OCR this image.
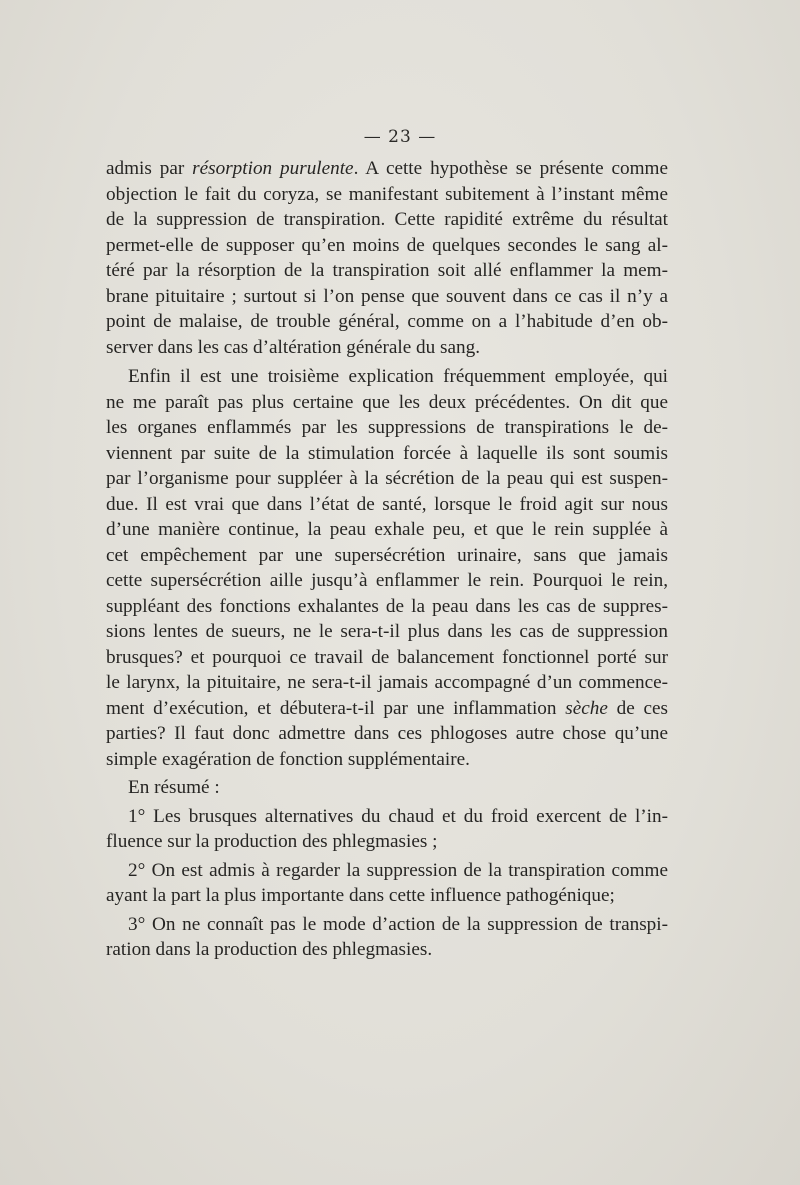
— 23 —
admis par résorption purulente. A cette hypothèse se présente comme
objection le fait du coryza, se manifestant subitement à l’instant même
de la suppression de transpiration. Cette rapidité extrême du résultat
permet-elle de supposer qu’en moins de quelques secondes le sang al-
téré par la résorption de la transpiration soit allé enflammer la mem-
brane pituitaire ; surtout si l’on pense que souvent dans ce cas il n’y a
point de malaise, de trouble général, comme on a l’habitude d’en ob-
server dans les cas d’altération générale du sang.
Enfin il est une troisième explication fréquemment employée, qui
ne me paraît pas plus certaine que les deux précédentes. On dit que
les organes enflammés par les suppressions de transpirations le de-
viennent par suite de la stimulation forcée à laquelle ils sont soumis
par l’organisme pour suppléer à la sécrétion de la peau qui est suspen-
due. Il est vrai que dans l’état de santé, lorsque le froid agit sur nous
d’une manière continue, la peau exhale peu, et que le rein supplée à
cet empêchement par une supersécrétion urinaire, sans que jamais
cette supersécrétion aille jusqu’à enflammer le rein. Pourquoi le rein,
suppléant des fonctions exhalantes de la peau dans les cas de suppres-
sions lentes de sueurs, ne le sera-t-il plus dans les cas de suppression
brusques? et pourquoi ce travail de balancement fonctionnel porté sur
le larynx, la pituitaire, ne sera-t-il jamais accompagné d’un commence-
ment d’exécution, et débutera-t-il par une inflammation sèche de ces
parties? Il faut donc admettre dans ces phlogoses autre chose qu’une
simple exagération de fonction supplémentaire.
En résumé :
1° Les brusques alternatives du chaud et du froid exercent de l’in-
fluence sur la production des phlegmasies ;
2° On est admis à regarder la suppression de la transpiration comme
ayant la part la plus importante dans cette influence pathogénique;
3° On ne connaît pas le mode d’action de la suppression de transpi-
ration dans la production des phlegmasies.
